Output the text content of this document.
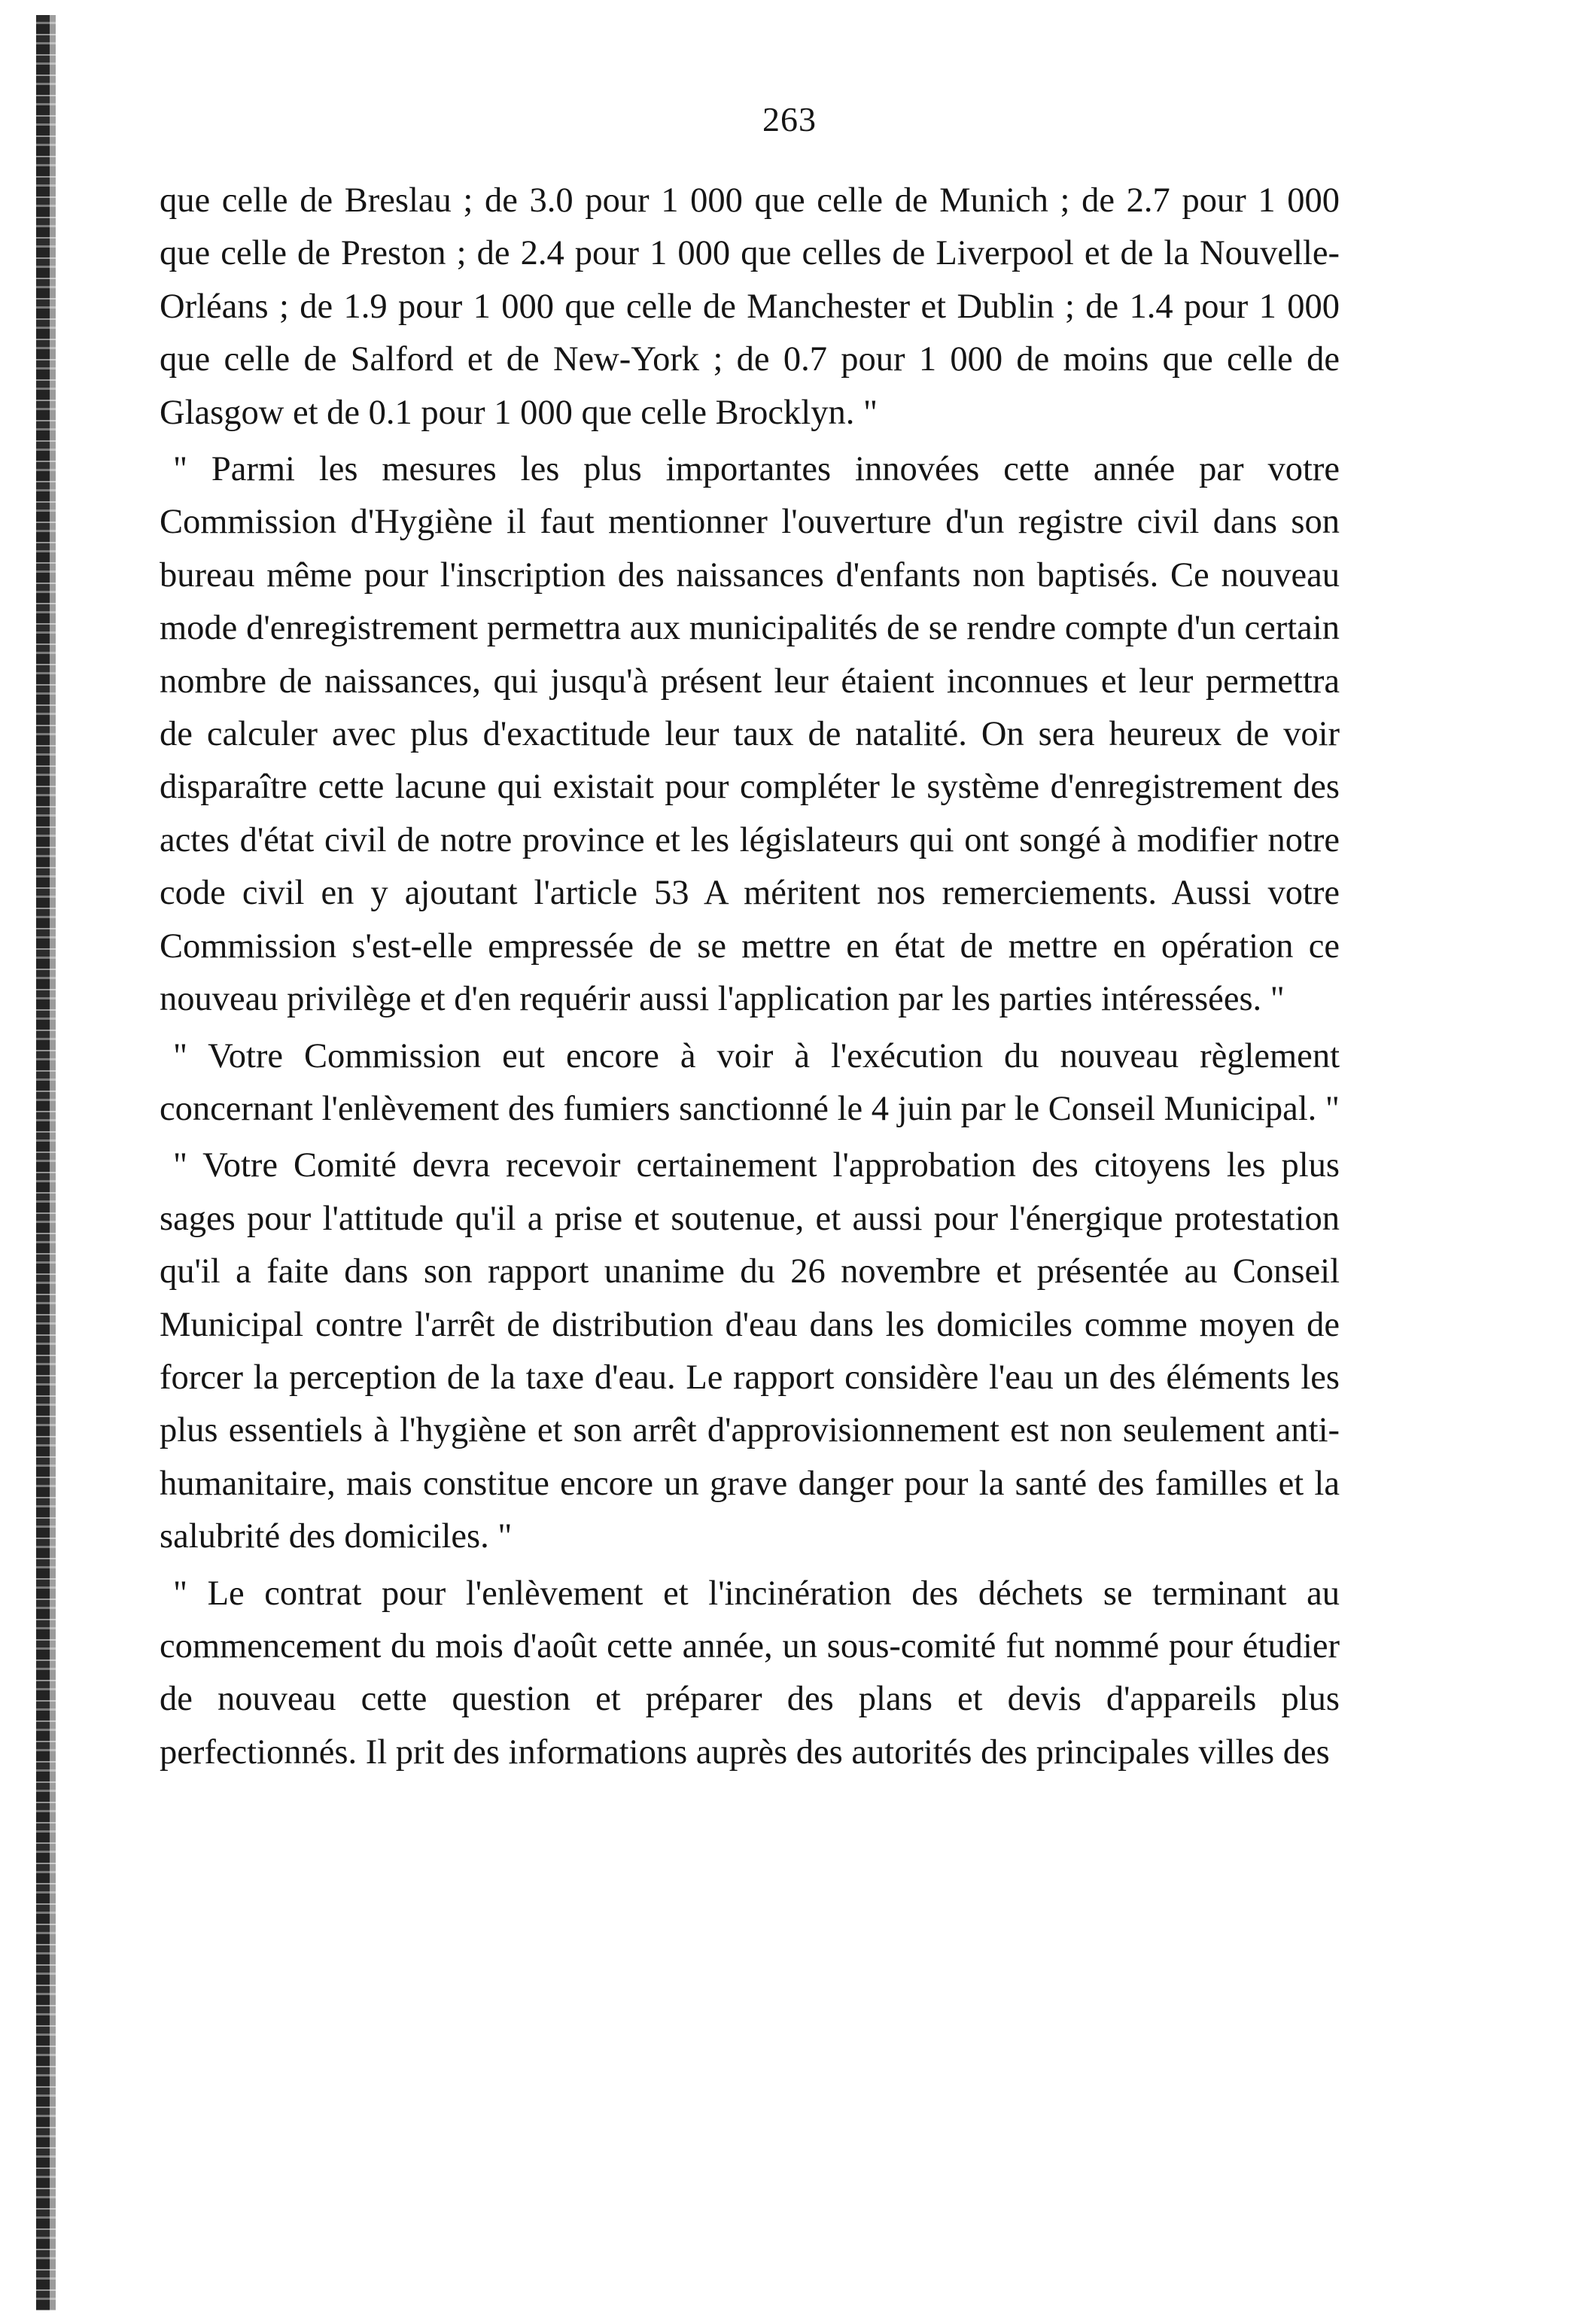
263

que celle de Breslau ; de 3.0 pour 1 000 que celle de Munich ; de 2.7 pour 1 000 que celle de Preston ; de 2.4 pour 1 000 que celles de Liverpool et de la Nouvelle-Orléans ; de 1.9 pour 1 000 que celle de Manchester et Dublin ; de 1.4 pour 1 000 que celle de Salford et de New-York ; de 0.7 pour 1 000 de moins que celle de Glasgow et de 0.1 pour 1 000 que celle Brocklyn. "

" Parmi les mesures les plus importantes innovées cette année par votre Commission d'Hygiène il faut mentionner l'ouverture d'un registre civil dans son bureau même pour l'inscription des naissances d'enfants non baptisés. Ce nouveau mode d'enregistrement permettra aux municipalités de se rendre compte d'un certain nombre de naissances, qui jusqu'à présent leur étaient inconnues et leur permettra de calculer avec plus d'exactitude leur taux de natalité. On sera heureux de voir disparaître cette lacune qui existait pour compléter le système d'enregistrement des actes d'état civil de notre province et les législateurs qui ont songé à modifier notre code civil en y ajoutant l'article 53 A méritent nos remerciements. Aussi votre Commission s'est-elle empressée de se mettre en état de mettre en opération ce nouveau privilège et d'en requérir aussi l'application par les parties intéressées. "

" Votre Commission eut encore à voir à l'exécution du nouveau règlement concernant l'enlèvement des fumiers sanctionné le 4 juin par le Conseil Municipal. "

" Votre Comité devra recevoir certainement l'approbation des citoyens les plus sages pour l'attitude qu'il a prise et soutenue, et aussi pour l'énergique protestation qu'il a faite dans son rapport unanime du 26 novembre et présentée au Conseil Municipal contre l'arrêt de distribution d'eau dans les domiciles comme moyen de forcer la perception de la taxe d'eau. Le rapport considère l'eau un des éléments les plus essentiels à l'hygiène et son arrêt d'approvisionnement est non seulement anti-humanitaire, mais constitue encore un grave danger pour la santé des familles et la salubrité des domiciles. "

" Le contrat pour l'enlèvement et l'incinération des déchets se terminant au commencement du mois d'août cette année, un sous-comité fut nommé pour étudier de nouveau cette question et préparer des plans et devis d'appareils plus perfectionnés. Il prit des informations auprès des autorités des principales villes des
